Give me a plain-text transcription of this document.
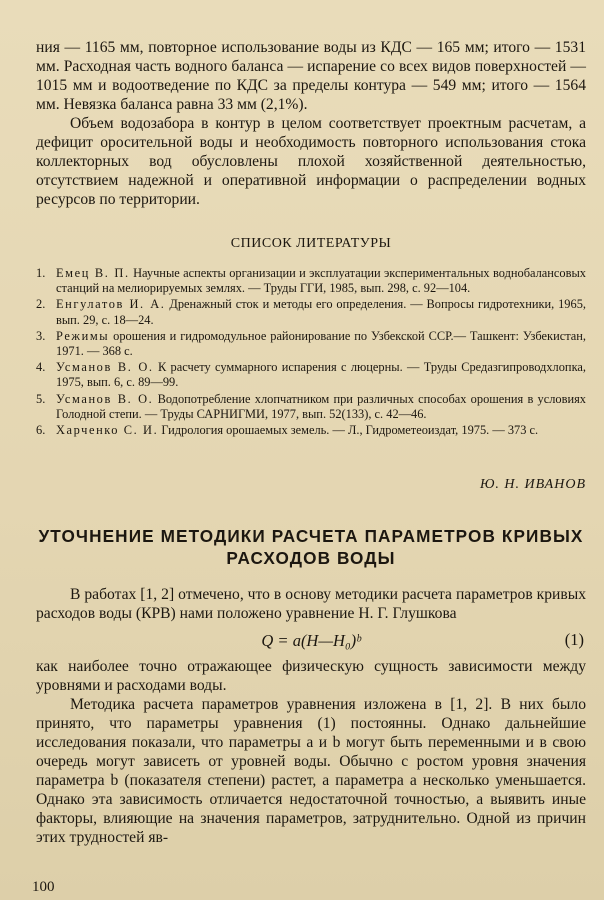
ния — 1165 мм, повторное использование воды из КДС — 165 мм; итого — 1531 мм. Расходная часть водного баланса — испарение со всех видов поверхностей — 1015 мм и водоотведение по КДС за пределы контура — 549 мм; итого — 1564 мм. Невязка баланса равна 33 мм (2,1%).

Объем водозабора в контур в целом соответствует проектным расчетам, а дефицит оросительной воды и необходимость повторного использования стока коллекторных вод обусловлены плохой хозяйственной деятельностью, отсутствием надежной и оперативной информации о распределении водных ресурсов по территории.

СПИСОК ЛИТЕРАТУРЫ
1. Емец В. П. Научные аспекты организации и эксплуатации экспериментальных воднобалансовых станций на мелиорируемых землях. — Труды ГГИ, 1985, вып. 298, с. 92—104.
2. Енгулатов И. А. Дренажный сток и методы его определения. — Вопросы гидротехники, 1965, вып. 29, с. 18—24.
3. Режимы орошения и гидромодульное районирование по Узбекской ССР.— Ташкент: Узбекистан, 1971. — 368 с.
4. Усманов В. О. К расчету суммарного испарения с люцерны. — Труды Средазгипроводхлопка, 1975, вып. 6, с. 89—99.
5. Усманов В. О. Водопотребление хлопчатником при различных способах орошения в условиях Голодной степи. — Труды САРНИГМИ, 1977, вып. 52(133), с. 42—46.
6. Харченко С. И. Гидрология орошаемых земель. — Л., Гидрометеоиздат, 1975. — 373 с.
Ю. Н. ИВАНОВ
УТОЧНЕНИЕ МЕТОДИКИ РАСЧЕТА ПАРАМЕТРОВ КРИВЫХ
РАСХОДОВ ВОДЫ

В работах [1, 2] отмечено, что в основу методики расчета параметров кривых расходов воды (КРВ) нами положено уравнение Н. Г. Глушкова

Q = a(H—H₀)ᵇ	(1)

как наиболее точно отражающее физическую сущность зависимости между уровнями и расходами воды.

Методика расчета параметров уравнения изложена в [1, 2]. В них было принято, что параметры уравнения (1) постоянны. Однако дальнейшие исследования показали, что параметры a и b могут быть переменными и в свою очередь могут зависеть от уровней воды. Обычно с ростом уровня значения параметра b (показателя степени) растет, а параметра a несколько уменьшается. Однако эта зависимость отличается недостаточной точностью, а выявить иные факторы, влияющие на значения параметров, затруднительно. Одной из причин этих трудностей яв-

100
